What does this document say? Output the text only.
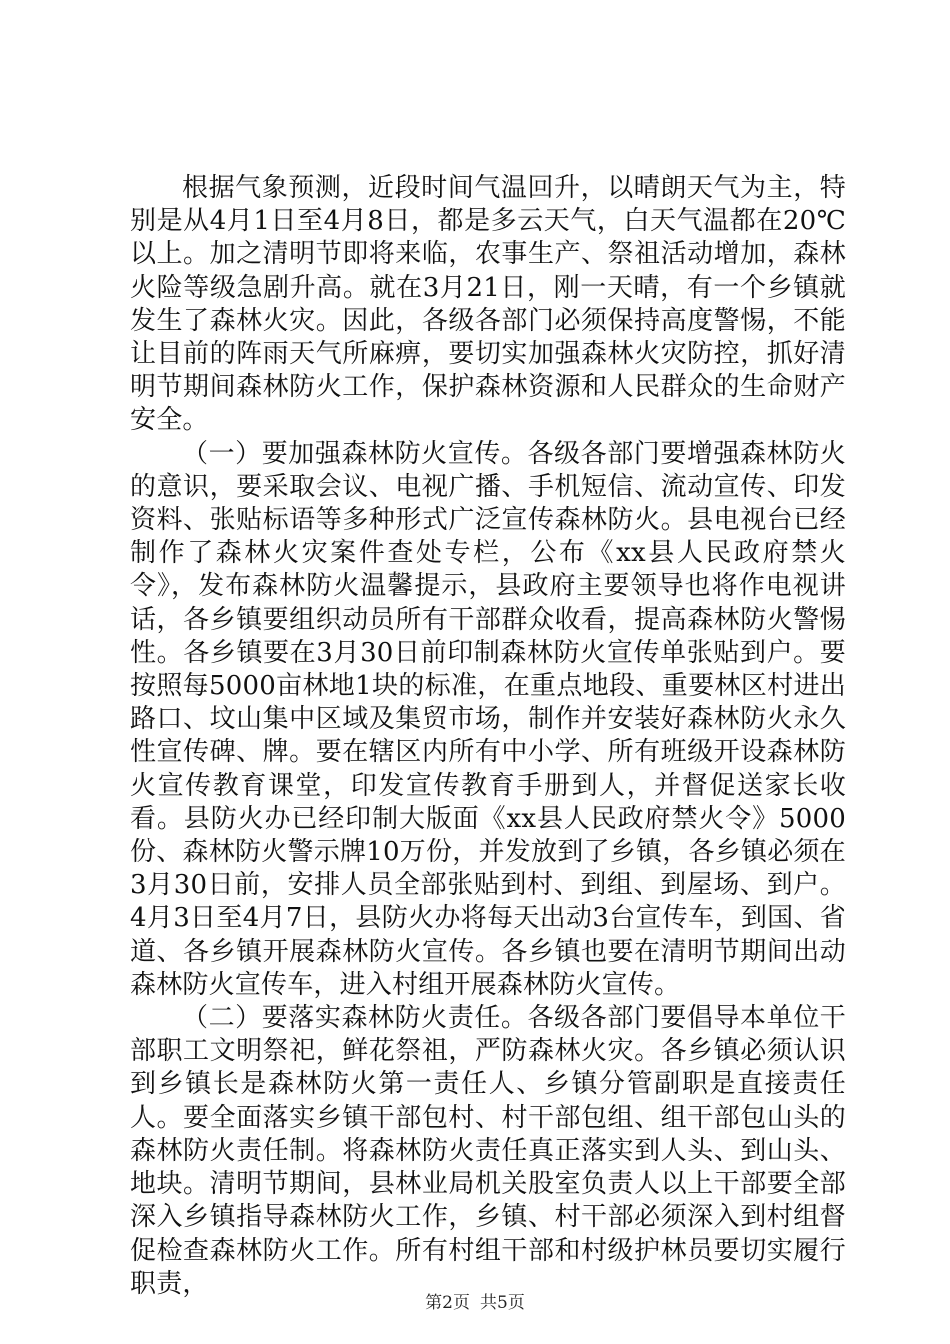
根据气象预测，近段时间气温回升，以晴朗天气为主，特别是从4月1日至4月8日，都是多云天气，白天气温都在20℃以上。加之清明节即将来临，农事生产、祭祖活动增加，森林火险等级急剧升高。就在3月21日，刚一天晴，有一个乡镇就发生了森林火灾。因此，各级各部门必须保持高度警惕，不能让目前的阵雨天气所麻痹，要切实加强森林火灾防控，抓好清明节期间森林防火工作，保护森林资源和人民群众的生命财产安全。

（一）要加强森林防火宣传。各级各部门要增强森林防火的意识，要采取会议、电视广播、手机短信、流动宣传、印发资料、张贴标语等多种形式广泛宣传森林防火。县电视台已经制作了森林火灾案件查处专栏，公布《xx县人民政府禁火令》，发布森林防火温馨提示，县政府主要领导也将作电视讲话，各乡镇要组织动员所有干部群众收看，提高森林防火警惕性。各乡镇要在3月30日前印制森林防火宣传单张贴到户。要按照每5000亩林地1块的标准，在重点地段、重要林区村进出路口、坟山集中区域及集贸市场，制作并安装好森林防火永久性宣传碑、牌。要在辖区内所有中小学、所有班级开设森林防火宣传教育课堂，印发宣传教育手册到人，并督促送家长收看。县防火办已经印制大版面《xx县人民政府禁火令》5000份、森林防火警示牌10万份，并发放到了乡镇，各乡镇必须在3月30日前，安排人员全部张贴到村、到组、到屋场、到户。4月3日至4月7日，县防火办将每天出动3台宣传车，到国、省道、各乡镇开展森林防火宣传。各乡镇也要在清明节期间出动森林防火宣传车，进入村组开展森林防火宣传。

（二）要落实森林防火责任。各级各部门要倡导本单位干部职工文明祭祀，鲜花祭祖，严防森林火灾。各乡镇必须认识到乡镇长是森林防火第一责任人、乡镇分管副职是直接责任人。要全面落实乡镇干部包村、村干部包组、组干部包山头的森林防火责任制。将森林防火责任真正落实到人头、到山头、地块。清明节期间，县林业局机关股室负责人以上干部要全部深入乡镇指导森林防火工作，乡镇、村干部必须深入到村组督促检查森林防火工作。所有村组干部和村级护林员要切实履行职责，

第2页 共5页
